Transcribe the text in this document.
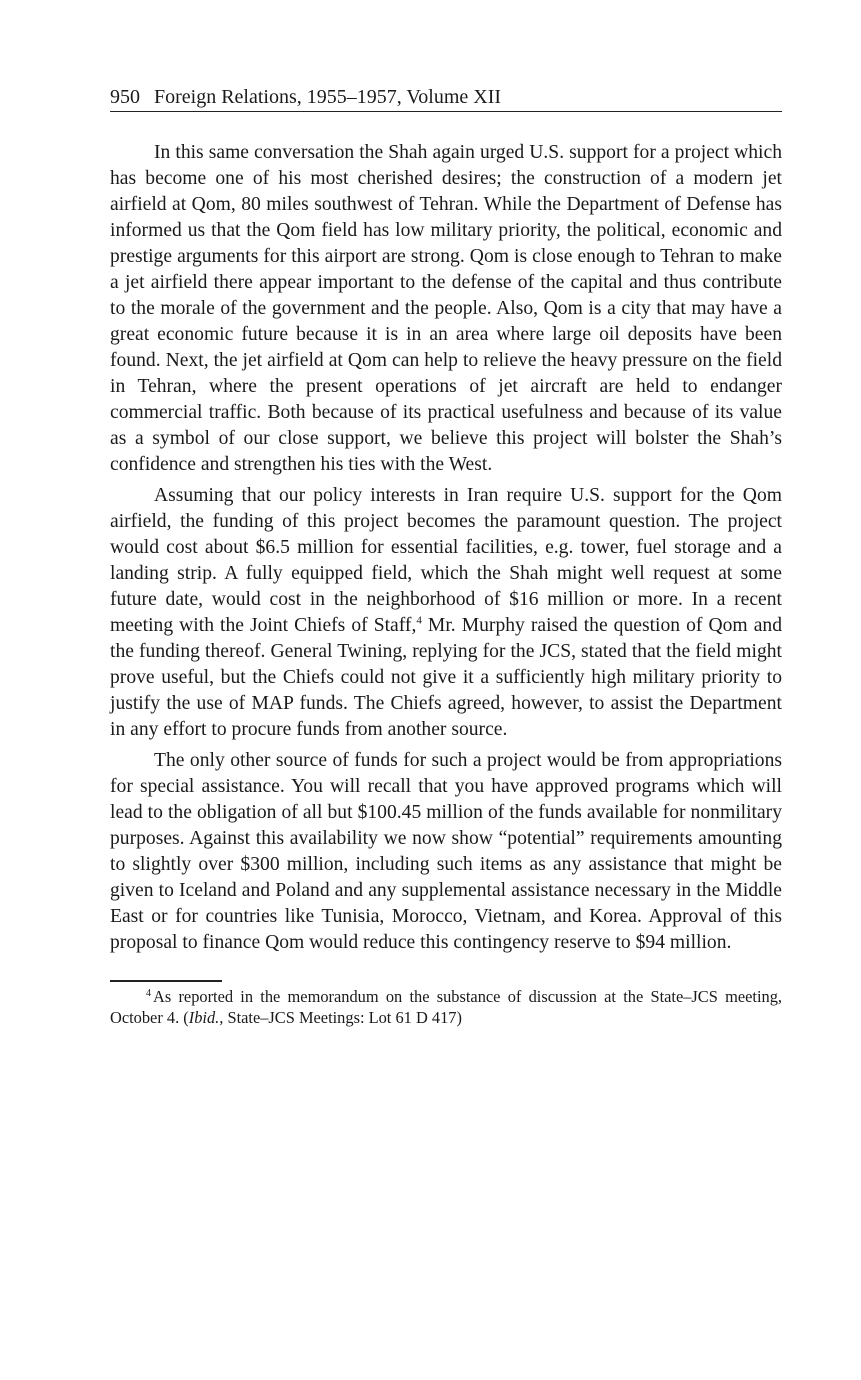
950 Foreign Relations, 1955–1957, Volume XII

In this same conversation the Shah again urged U.S. support for a project which has become one of his most cherished desires; the construction of a modern jet airfield at Qom, 80 miles southwest of Tehran. While the Department of Defense has informed us that the Qom field has low military priority, the political, economic and prestige arguments for this airport are strong. Qom is close enough to Tehran to make a jet airfield there appear important to the defense of the capital and thus contribute to the morale of the government and the people. Also, Qom is a city that may have a great economic future because it is in an area where large oil deposits have been found. Next, the jet airfield at Qom can help to relieve the heavy pressure on the field in Tehran, where the present operations of jet aircraft are held to endanger commercial traffic. Both because of its practical usefulness and because of its value as a symbol of our close support, we believe this project will bolster the Shah’s confidence and strengthen his ties with the West.

Assuming that our policy interests in Iran require U.S. support for the Qom airfield, the funding of this project becomes the paramount question. The project would cost about $6.5 million for essential facilities, e.g. tower, fuel storage and a landing strip. A fully equipped field, which the Shah might well request at some future date, would cost in the neighborhood of $16 million or more. In a recent meeting with the Joint Chiefs of Staff,$^4$ Mr. Murphy raised the question of Qom and the funding thereof. General Twining, replying for the JCS, stated that the field might prove useful, but the Chiefs could not give it a sufficiently high military priority to justify the use of MAP funds. The Chiefs agreed, however, to assist the Department in any effort to procure funds from another source.

The only other source of funds for such a project would be from appropriations for special assistance. You will recall that you have approved programs which will lead to the obligation of all but $100.45 million of the funds available for nonmilitary purposes. Against this availability we now show “potential” requirements amounting to slightly over $300 million, including such items as any assistance that might be given to Iceland and Poland and any supplemental assistance necessary in the Middle East or for countries like Tunisia, Morocco, Vietnam, and Korea. Approval of this proposal to finance Qom would reduce this contingency reserve to $94 million.

$^4$ As reported in the memorandum on the substance of discussion at the State–JCS meeting, October 4. (Ibid., State–JCS Meetings: Lot 61 D 417)
